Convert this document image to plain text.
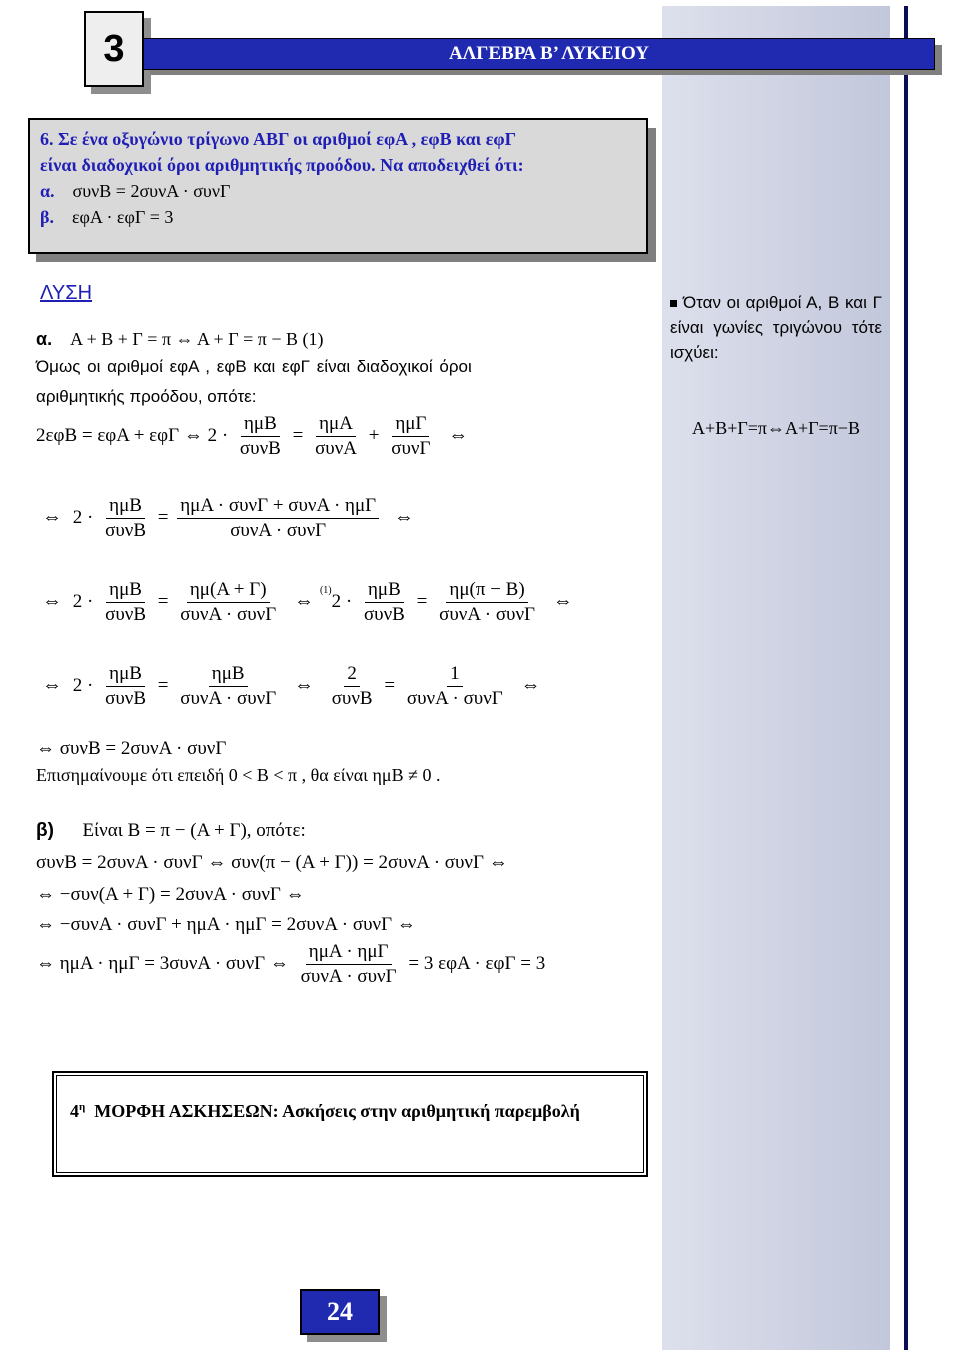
Όταν οι αριθμοί Α, Β και Γ είναι γωνίες τριγώνου τότε ισχύει:
Α+Β+Γ=π⇔Α+Γ=π−Β
3	ΑΛΓΕΒΡΑ Β’ ΛΥΚΕΙΟΥ
6. Σε ένα οξυγώνιο τρίγωνο ΑΒΓ οι αριθμοί εφΑ , εφΒ και εφΓ
είναι διαδοχικοί όροι αριθμητικής προόδου. Να αποδειχθεί ότι:
α. συνΒ = 2συνΑ · συνΓ
β. εφΑ · εφΓ = 3
ΛΥΣΗ
α. Α + Β + Γ = π ⇔ Α + Γ = π − Β (1)
Όμως οι αριθμοί εφΑ , εφΒ και εφΓ είναι διαδοχικοί όροι
αριθμητικής προόδου, οπότε:
2εφΒ = εφΑ + εφΓ ⇔ 2 ·
ημΒ
συνΒ
=
ημΑ
συνΑ
+
ημΓ
συνΓ
⇔
⇔ 2 ·
ημΒ
συνΒ
=
ημΑ · συνΓ + συνΑ · ημΓ
συνΑ · συνΓ
⇔
⇔ 2 ·
ημΒ
συνΒ
=
ημ(Α + Γ)
συνΑ · συνΓ
⇔ $^{(1)}$2 ·
ημΒ
συνΒ
=
ημ(π − Β)
συνΑ · συνΓ
⇔
⇔ 2 ·
ημΒ
συνΒ
=
ημΒ
συνΑ · συνΓ
⇔
2
συνΒ
=
1
συνΑ · συνΓ
⇔
⇔ συνΒ = 2συνΑ · συνΓ
Επισημαίνουμε ότι επειδή 0 < Β < π , θα είναι ημΒ ≠ 0 .
β) Είναι Β = π − (Α + Γ), οπότε:
συνΒ = 2συνΑ · συνΓ ⇔ συν(π − (Α + Γ)) = 2συνΑ · συνΓ ⇔
⇔ −συν(Α + Γ) = 2συνΑ · συνΓ ⇔
⇔ −συνΑ · συνΓ + ημΑ · ημΓ = 2συνΑ · συνΓ ⇔
⇔ ημΑ · ημΓ = 3συνΑ · συνΓ ⇔
ημΑ · ημΓ
συνΑ · συνΓ
= 3 εφΑ · εφΓ = 3
$4^\eta$ ΜΟΡΦΗ ΑΣΚΗΣΕΩΝ: Ασκήσεις στην αριθμητική παρεμβολή
24
